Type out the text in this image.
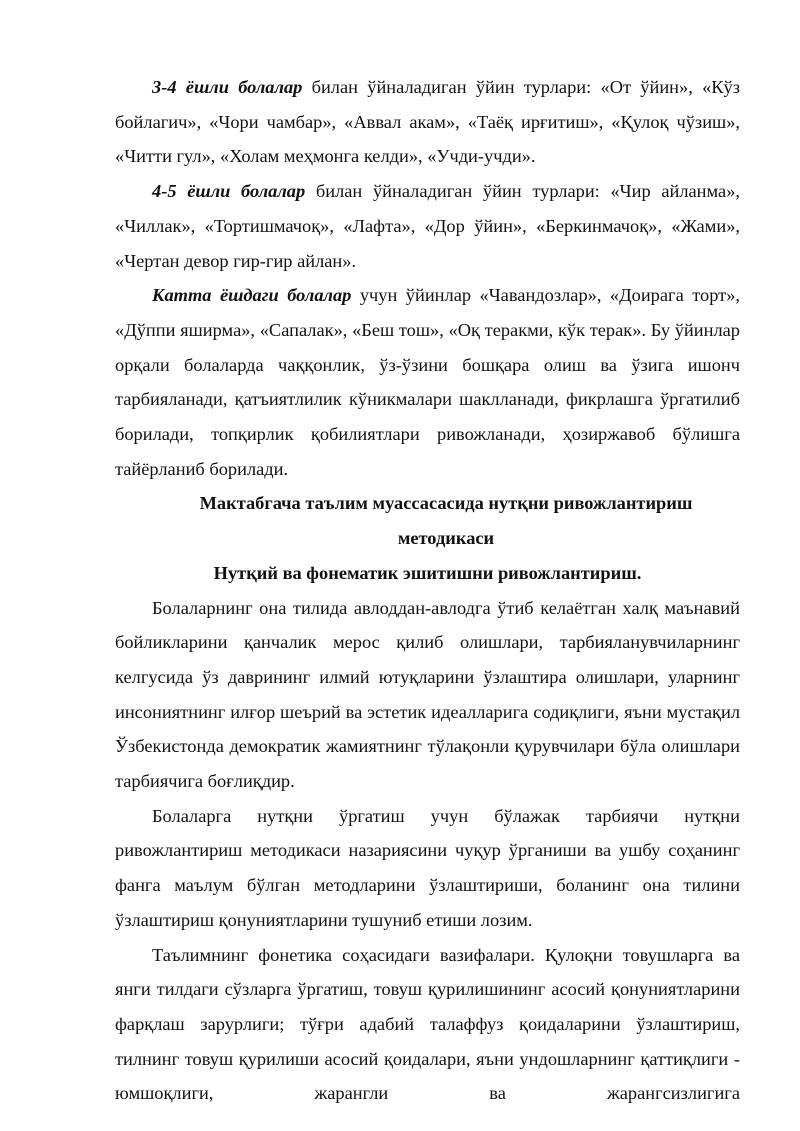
3-4 ёшли болалар билан ўйналадиган ўйин турлари: «От ўйин», «Кўз бойлагич», «Чори чамбар», «Аввал акам», «Таёқ ирғитиш», «Қулоқ чўзиш», «Читти гул», «Холам меҳмонга келди», «Учди-учди».

4-5 ёшли болалар билан ўйналадиган ўйин турлари: «Чир айланма», «Чиллак», «Тортишмачоқ», «Лафта», «Дор ўйин», «Беркинмачоқ», «Жами», «Чертан девор гир-гир айлан».

Катта ёшдаги болалар учун ўйинлар «Чавандозлар», «Доирага торт», «Дўппи яширма», «Сапалак», «Беш тош», «Оқ теракми, кўк терак». Бу ўйинлар орқали болаларда чаққонлик, ўз-ўзини бошқара олиш ва ўзига ишонч тарбияланади, қатъиятлилик кўникмалари шаклланади, фикрлашга ўргатилиб борилади, топқирлик қобилиятлари ривожланади, ҳозиржавоб бўлишга тайёрланиб борилади.

Мактабгача таълим муассасасида нутқни ривожлантириш методикаси

Нутқий ва фонематик эшитишни ривожлантириш.

Болаларнинг она тилида авлоддан-авлодга ўтиб келаётган халқ маънавий бойликларини қанчалик мерос қилиб олишлари, тарбияланувчиларнинг келгусида ўз даврининг илмий ютуқларини ўзлаштира олишлари, уларнинг инсониятнинг илғор шеърий ва эстетик идеалларига содиқлиги, яъни мустақил Ўзбекистонда демократик жамиятнинг тўлақонли қурувчилари бўла олишлари тарбиячига боғлиқдир.

Болаларга нутқни ўргатиш учун бўлажак тарбиячи нутқни ривожлантириш методикаси назариясини чуқур ўрганиши ва ушбу соҳанинг фанга маълум бўлган методларини ўзлаштириши, боланинг она тилини ўзлаштириш қонуниятларини тушуниб етиши лозим.

Таълимнинг фонетика соҳасидаги вазифалари. Қулоқни товушларга ва янги тилдаги сўзларга ўргатиш, товуш қурилишининг асосий қонуниятларини фарқлаш зарурлиги; тўғри адабий талаффуз қоидаларини ўзлаштириш, тилнинг товуш қурилиши асосий қоидалари, яъни ундошларнинг қаттиқлиги - юмшоқлиги, жарангли ва жарангсизлигига
